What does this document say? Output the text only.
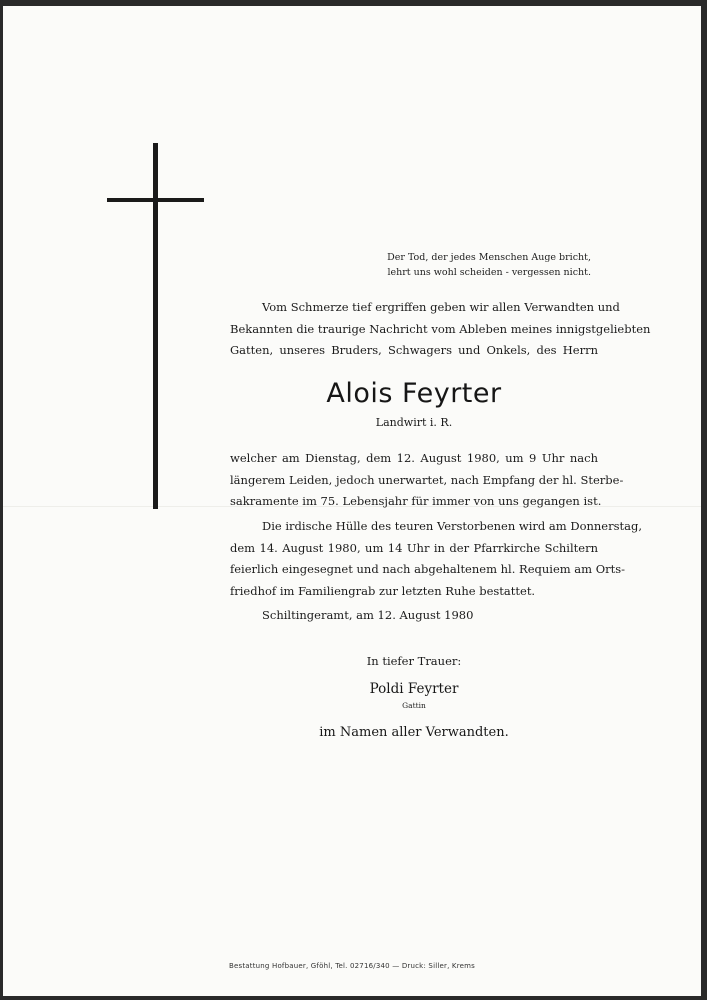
Der Tod, der jedes Menschen Auge bricht,
lehrt uns wohl scheiden - vergessen nicht.
Vom Schmerze tief ergriffen geben wir allen Verwandten und
Bekannten die traurige Nachricht vom Ableben meines innigstgeliebten
Gatten, unseres Bruders, Schwagers und Onkels, des Herrn
Alois Feyrter
Landwirt i. R.
welcher am Dienstag, dem 12. August 1980, um 9 Uhr nach
längerem Leiden, jedoch unerwartet, nach Empfang der hl. Sterbe-
sakramente im 75. Lebensjahr für immer von uns gegangen ist.
Die irdische Hülle des teuren Verstorbenen wird am Donnerstag,
dem 14. August 1980, um 14 Uhr in der Pfarrkirche Schiltern
feierlich eingesegnet und nach abgehaltenem hl. Requiem am Orts-
friedhof im Familiengrab zur letzten Ruhe bestattet.
Schiltingeramt, am 12. August 1980
In tiefer Trauer:
Poldi Feyrter
Gattin
im Namen aller Verwandten.
Bestattung Hofbauer, Gföhl, Tel. 02716/340 — Druck: Siller, Krems
